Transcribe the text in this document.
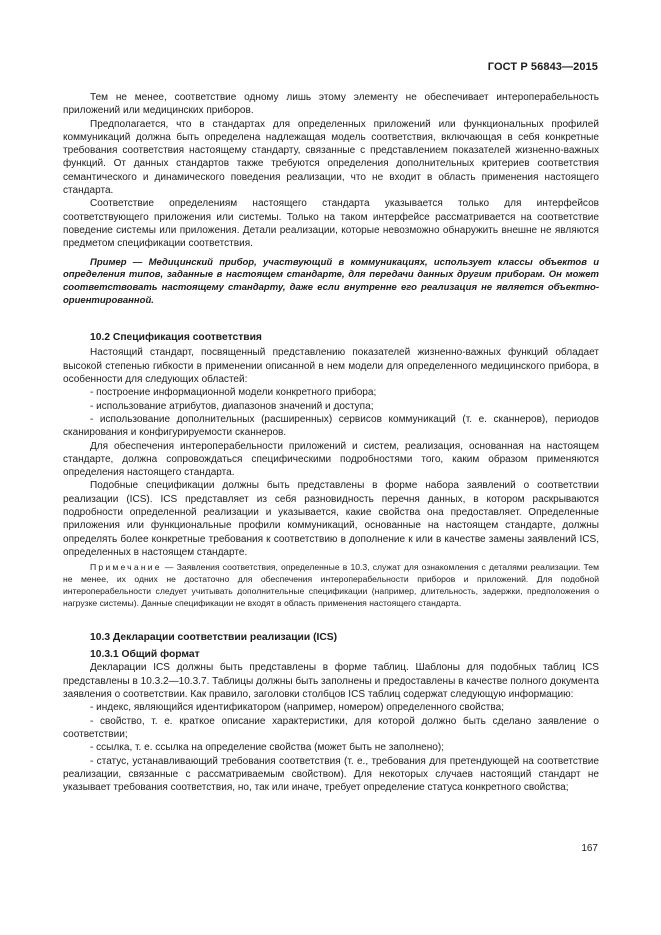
ГОСТ Р 56843—2015

Тем не менее, соответствие одному лишь этому элементу не обеспечивает интероперабельность приложений или медицинских приборов.

Предполагается, что в стандартах для определенных приложений или функциональных профилей коммуникаций должна быть определена надлежащая модель соответствия, включающая в себя конкретные требования соответствия настоящему стандарту, связанные с представлением показателей жизненно-важных функций. От данных стандартов также требуются определения дополнительных критериев соответствия семантического и динамического поведения реализации, что не входит в область применения настоящего стандарта.

Соответствие определениям настоящего стандарта указывается только для интерфейсов соответствующего приложения или системы. Только на таком интерфейсе рассматривается на соответствие поведение системы или приложения. Детали реализации, которые невозможно обнаружить внешне не являются предметом спецификации соответствия.

Пример — Медицинский прибор, участвующий в коммуникациях, использует классы объектов и определения типов, заданные в настоящем стандарте, для передачи данных другим приборам. Он может соответствовать настоящему стандарту, даже если внутренне его реализация не является объектно-ориентированной.

10.2 Спецификация соответствия

Настоящий стандарт, посвященный представлению показателей жизненно-важных функций обладает высокой степенью гибкости в применении описанной в нем модели для определенного медицинского прибора, в особенности для следующих областей:

- построение информационной модели конкретного прибора;

- использование атрибутов, диапазонов значений и доступа;

- использование дополнительных (расширенных) сервисов коммуникаций (т. е. сканнеров), периодов сканирования и конфигурируемости сканнеров.

Для обеспечения интероперабельности приложений и систем, реализация, основанная на настоящем стандарте, должна сопровождаться специфическими подробностями того, каким образом применяются определения настоящего стандарта.

Подобные спецификации должны быть представлены в форме набора заявлений о соответствии реализации (ICS). ICS представляет из себя разновидность перечня данных, в котором раскрываются подробности определенной реализации и указывается, какие свойства она предоставляет. Определенные приложения или функциональные профили коммуникаций, основанные на настоящем стандарте, должны определять более конкретные требования к соответствию в дополнение к или в качестве замены заявлений ICS, определенных в настоящем стандарте.

Примечание — Заявления соответствия, определенные в 10.3, служат для ознакомления с деталями реализации. Тем не менее, их одних не достаточно для обеспечения интероперабельности приборов и приложений. Для подобной интероперабельности следует учитывать дополнительные спецификации (например, длительность, задержки, предположения о нагрузке системы). Данные спецификации не входят в область применения настоящего стандарта.

10.3 Декларации соответствии реализации (ICS)
10.3.1 Общий формат

Декларации ICS должны быть представлены в форме таблиц. Шаблоны для подобных таблиц ICS представлены в 10.3.2—10.3.7. Таблицы должны быть заполнены и предоставлены в качестве полного документа заявления о соответствии. Как правило, заголовки столбцов ICS таблиц содержат следующую информацию:

- индекс, являющийся идентификатором (например, номером) определенного свойства;

- свойство, т. е. краткое описание характеристики, для которой должно быть сделано заявление о соответствии;

- ссылка, т. е. ссылка на определение свойства (может быть не заполнено);

- статус, устанавливающий требования соответствия (т. е., требования для претендующей на соответствие реализации, связанные с рассматриваемым свойством). Для некоторых случаев настоящий стандарт не указывает требования соответствия, но, так или иначе, требует определение статуса конкретного свойства;

167
